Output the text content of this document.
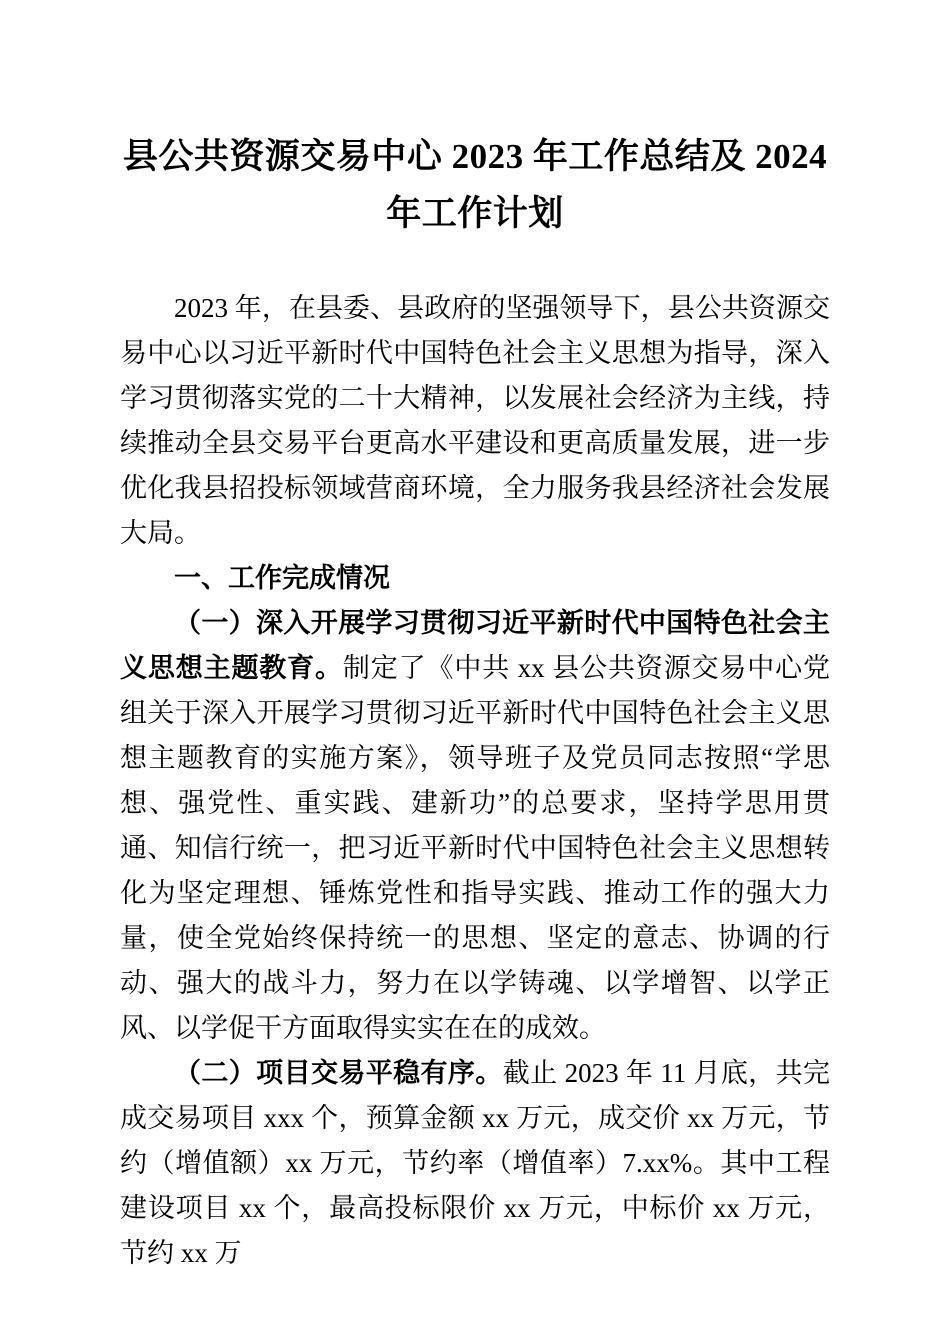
县公共资源交易中心 2023 年工作总结及 2024 年工作计划

2023 年，在县委、县政府的坚强领导下，县公共资源交易中心以习近平新时代中国特色社会主义思想为指导，深入学习贯彻落实党的二十大精神，以发展社会经济为主线，持续推动全县交易平台更高水平建设和更高质量发展，进一步优化我县招投标领域营商环境，全力服务我县经济社会发展大局。

一、工作完成情况

（一）深入开展学习贯彻习近平新时代中国特色社会主义思想主题教育。制定了《中共 xx 县公共资源交易中心党组关于深入开展学习贯彻习近平新时代中国特色社会主义思想主题教育的实施方案》，领导班子及党员同志按照“学思想、强党性、重实践、建新功”的总要求，坚持学思用贯通、知信行统一，把习近平新时代中国特色社会主义思想转化为坚定理想、锤炼党性和指导实践、推动工作的强大力量，使全党始终保持统一的思想、坚定的意志、协调的行动、强大的战斗力，努力在以学铸魂、以学增智、以学正风、以学促干方面取得实实在在的成效。

（二）项目交易平稳有序。截止 2023 年 11 月底，共完成交易项目 xxx 个，预算金额 xx 万元，成交价 xx 万元，节约（增值额）xx 万元，节约率（增值率）7.xx%。其中工程建设项目 xx 个，最高投标限价 xx 万元，中标价 xx 万元，节约 xx 万
